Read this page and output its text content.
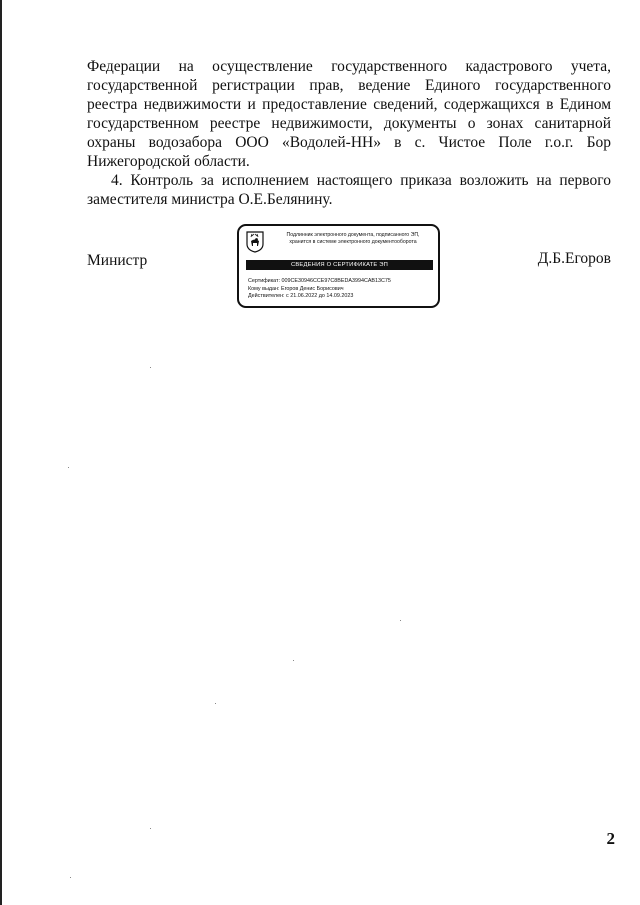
Федерации на осуществление государственного кадастрового учета, государственной регистрации прав, ведение Единого государственного реестра недвижимости и предоставление сведений, содержащихся в Едином государственном реестре недвижимости, документы о зонах санитарной охраны водозабора ООО «Водолей-НН» в с. Чистое Поле г.о.г. Бор Нижегородской области.

4. Контроль за исполнением настоящего приказа возложить на первого заместителя министра О.Е.Белянину.

Министр	Д.Б.Егоров
Подлинник электронного документа, подписанного ЭП,
хранится в системе электронного документооборота
СВЕДЕНИЯ О СЕРТИФИКАТЕ ЭП
Сертификат: 009CE30946CCE97C8BEDA3994CAB13C75
Кому выдан: Егоров Денис Борисович
Действителен: с 21.06.2022 до 14.09.2023
2
